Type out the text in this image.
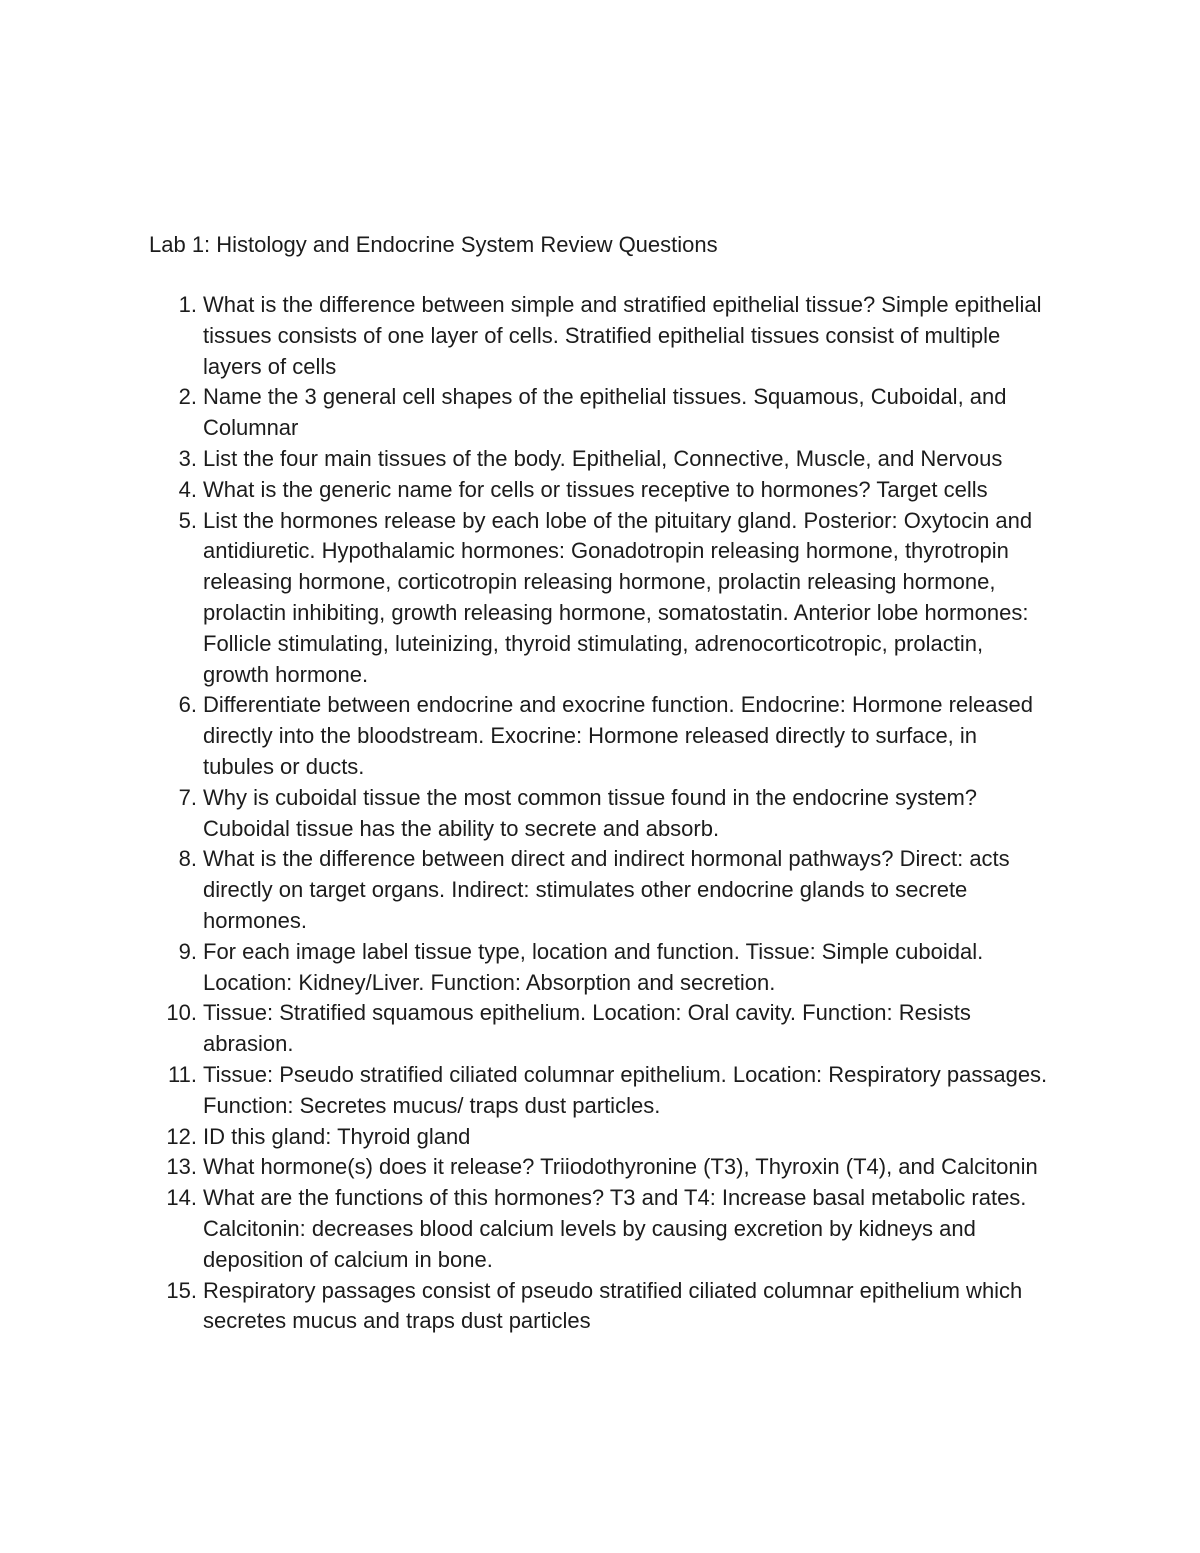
Lab 1: Histology and Endocrine System Review Questions
1. What is the difference between simple and stratified epithelial tissue? Simple epithelial tissues consists of one layer of cells. Stratified epithelial tissues consist of multiple layers of cells
2. Name the 3 general cell shapes of the epithelial tissues. Squamous, Cuboidal, and Columnar
3. List the four main tissues of the body. Epithelial, Connective, Muscle, and Nervous
4. What is the generic name for cells or tissues receptive to hormones? Target cells
5. List the hormones release by each lobe of the pituitary gland. Posterior: Oxytocin and antidiuretic. Hypothalamic hormones: Gonadotropin releasing hormone, thyrotropin releasing hormone, corticotropin releasing hormone, prolactin releasing hormone, prolactin inhibiting, growth releasing hormone, somatostatin. Anterior lobe hormones: Follicle stimulating, luteinizing, thyroid stimulating, adrenocorticotropic, prolactin, growth hormone.
6. Differentiate between endocrine and exocrine function. Endocrine: Hormone released directly into the bloodstream. Exocrine: Hormone released directly to surface, in tubules or ducts.
7. Why is cuboidal tissue the most common tissue found in the endocrine system? Cuboidal tissue has the ability to secrete and absorb.
8. What is the difference between direct and indirect hormonal pathways? Direct: acts directly on target organs. Indirect: stimulates other endocrine glands to secrete hormones.
9. For each image label tissue type, location and function. Tissue: Simple cuboidal. Location: Kidney/Liver. Function: Absorption and secretion.
10. Tissue: Stratified squamous epithelium. Location: Oral cavity. Function: Resists abrasion.
11. Tissue: Pseudo stratified ciliated columnar epithelium. Location: Respiratory passages. Function: Secretes mucus/ traps dust particles.
12. ID this gland: Thyroid gland
13. What hormone(s) does it release? Triiodothyronine (T3), Thyroxin (T4), and Calcitonin
14. What are the functions of this hormones? T3 and T4: Increase basal metabolic rates. Calcitonin: decreases blood calcium levels by causing excretion by kidneys and deposition of calcium in bone.
15. Respiratory passages consist of pseudo stratified ciliated columnar epithelium which secretes mucus and traps dust particles
